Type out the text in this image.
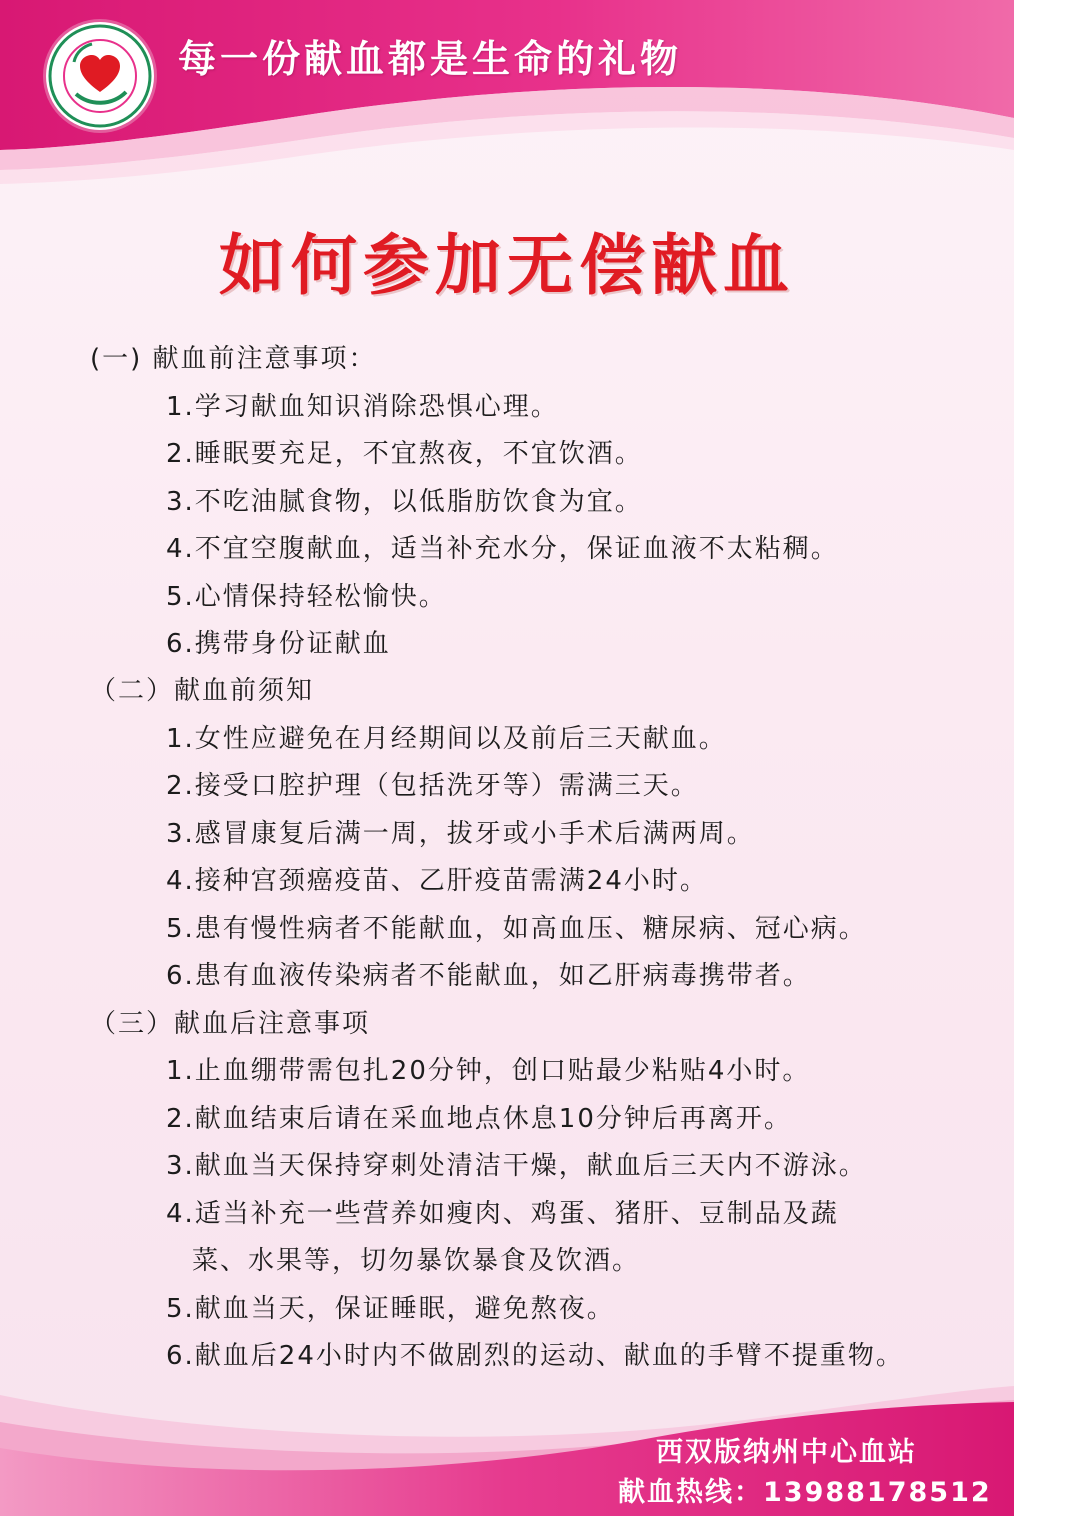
每一份献血都是生命的礼物
如何参加无偿献血
(一) 献血前注意事项：
1.学习献血知识消除恐惧心理。
2.睡眠要充足，不宜熬夜，不宜饮酒。
3.不吃油腻食物，以低脂肪饮食为宜。
4.不宜空腹献血，适当补充水分，保证血液不太粘稠。
5.心情保持轻松愉快。
6.携带身份证献血
（二）献血前须知
1.女性应避免在月经期间以及前后三天献血。
2.接受口腔护理（包括洗牙等）需满三天。
3.感冒康复后满一周，拔牙或小手术后满两周。
4.接种宫颈癌疫苗、乙肝疫苗需满24小时。
5.患有慢性病者不能献血，如高血压、糖尿病、冠心病。
6.患有血液传染病者不能献血，如乙肝病毒携带者。
（三）献血后注意事项
1.止血绷带需包扎20分钟，创口贴最少粘贴4小时。
2.献血结束后请在采血地点休息10分钟后再离开。
3.献血当天保持穿刺处清洁干燥，献血后三天内不游泳。
4.适当补充一些营养如瘦肉、鸡蛋、猪肝、豆制品及蔬
菜、水果等，切勿暴饮暴食及饮酒。
5.献血当天，保证睡眠，避免熬夜。
6.献血后24小时内不做剧烈的运动、献血的手臂不提重物。
西双版纳州中心血站
献血热线：13988178512
